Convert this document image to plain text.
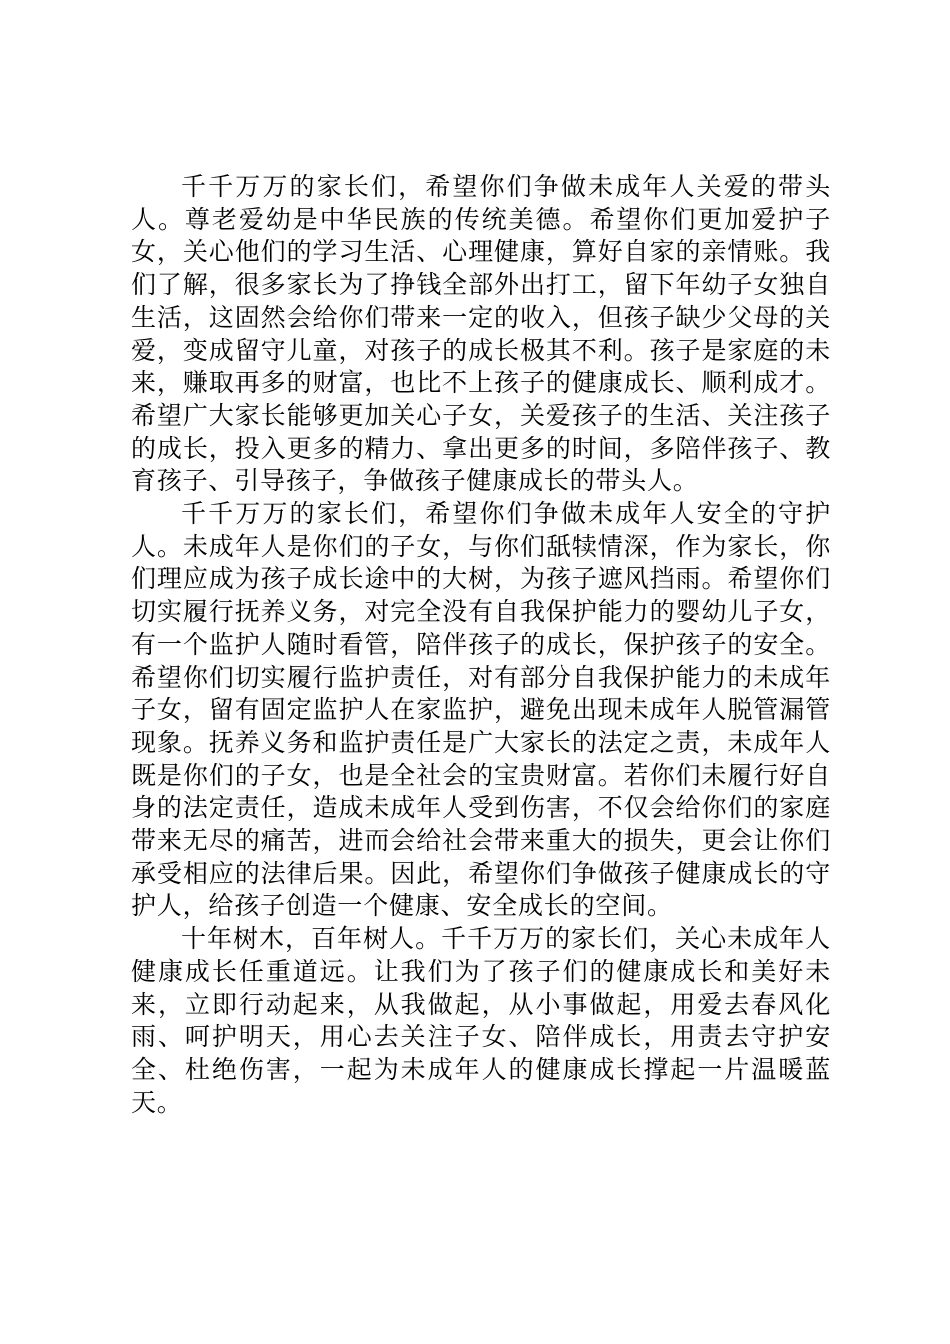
千千万万的家长们，希望你们争做未成年人关爱的带头人。尊老爱幼是中华民族的传统美德。希望你们更加爱护子女，关心他们的学习生活、心理健康，算好自家的亲情账。我们了解，很多家长为了挣钱全部外出打工，留下年幼子女独自生活，这固然会给你们带来一定的收入，但孩子缺少父母的关爱，变成留守儿童，对孩子的成长极其不利。孩子是家庭的未来，赚取再多的财富，也比不上孩子的健康成长、顺利成才。希望广大家长能够更加关心子女，关爱孩子的生活、关注孩子的成长，投入更多的精力、拿出更多的时间，多陪伴孩子、教育孩子、引导孩子，争做孩子健康成长的带头人。

千千万万的家长们，希望你们争做未成年人安全的守护人。未成年人是你们的子女，与你们舐犊情深，作为家长，你们理应成为孩子成长途中的大树，为孩子遮风挡雨。希望你们切实履行抚养义务，对完全没有自我保护能力的婴幼儿子女，有一个监护人随时看管，陪伴孩子的成长，保护孩子的安全。希望你们切实履行监护责任，对有部分自我保护能力的未成年子女，留有固定监护人在家监护，避免出现未成年人脱管漏管现象。抚养义务和监护责任是广大家长的法定之责，未成年人既是你们的子女，也是全社会的宝贵财富。若你们未履行好自身的法定责任，造成未成年人受到伤害，不仅会给你们的家庭带来无尽的痛苦，进而会给社会带来重大的损失，更会让你们承受相应的法律后果。因此，希望你们争做孩子健康成长的守护人，给孩子创造一个健康、安全成长的空间。

十年树木，百年树人。千千万万的家长们，关心未成年人健康成长任重道远。让我们为了孩子们的健康成长和美好未来，立即行动起来，从我做起，从小事做起，用爱去春风化雨、呵护明天，用心去关注子女、陪伴成长，用责去守护安全、杜绝伤害，一起为未成年人的健康成长撑起一片温暖蓝天。
